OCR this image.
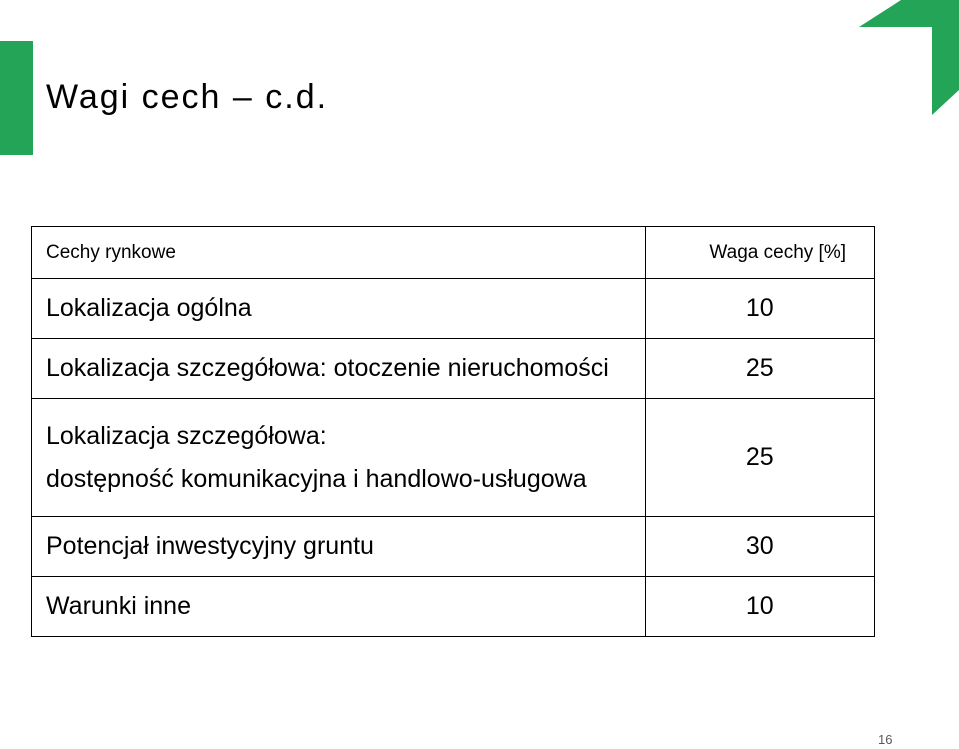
Wagi cech – c.d.
Cechy rynkowe	Waga cechy [%]
Lokalizacja ogólna	10
Lokalizacja szczegółowa: otoczenie nieruchomości	25
Lokalizacja szczegółowa:
dostępność komunikacyjna i handlowo-usługowa	25
Potencjał inwestycyjny gruntu	30
Warunki inne	10
16
